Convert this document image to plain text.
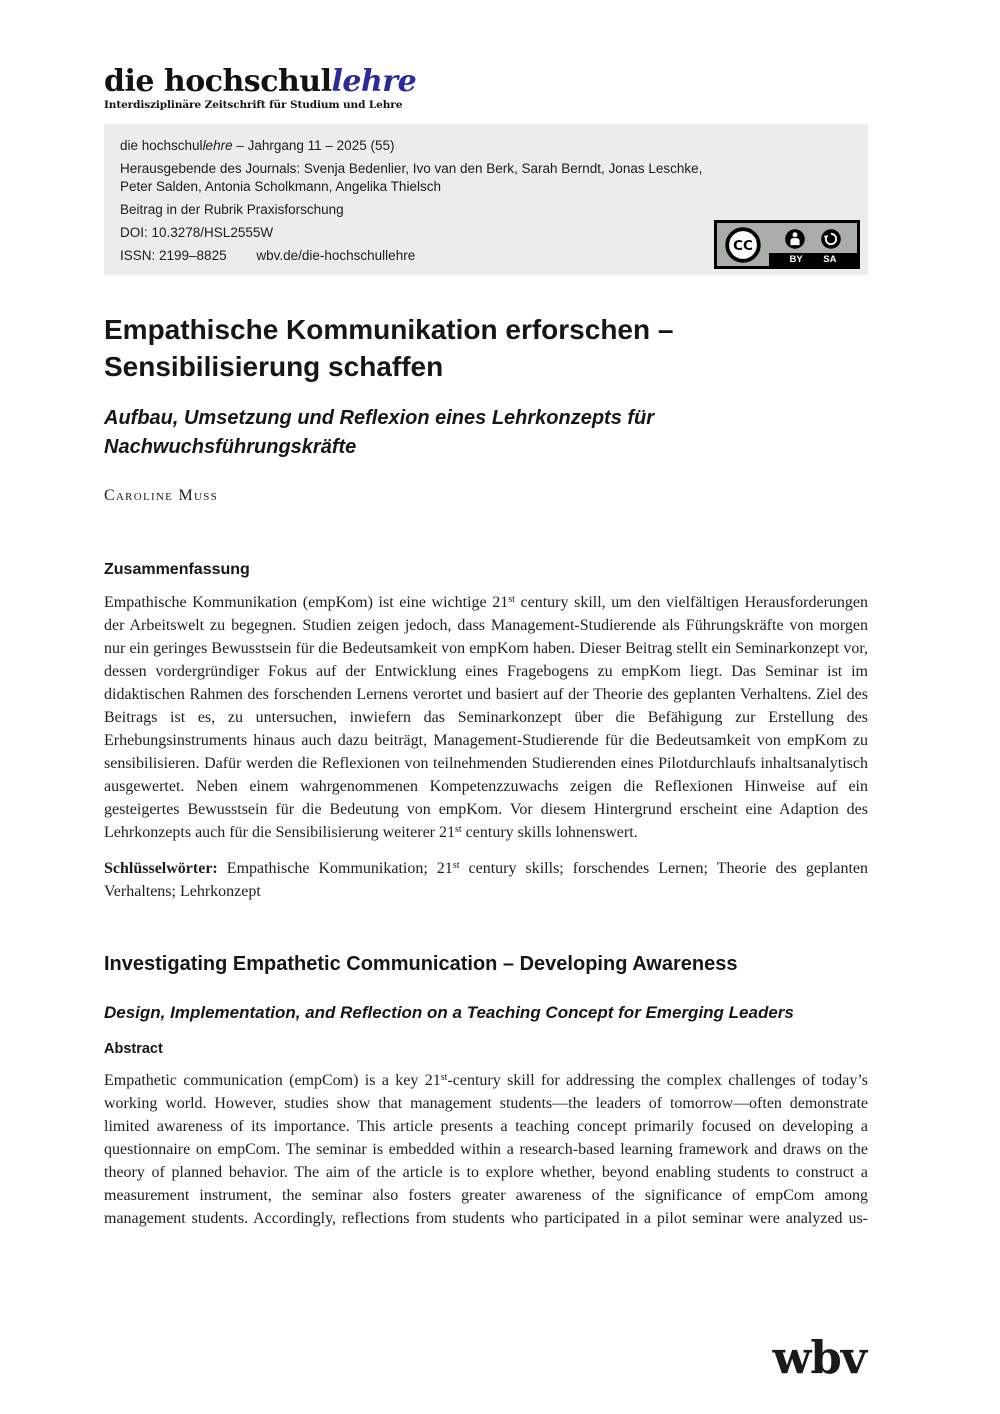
die hochschullehre
Interdisziplinäre Zeitschrift für Studium und Lehre

die hochschullehre – Jahrgang 11 – 2025 (55)

Herausgebende des Journals: Svenja Bedenlier, Ivo van den Berk, Sarah Berndt, Jonas Leschke,
Peter Salden, Antonia Scholkmann, Angelika Thielsch

Beitrag in der Rubrik Praxisforschung

DOI: 10.3278/HSL2555W

ISSN: 2199–8825 wbv.de/die-hochschullehre

CC
BY SA
Empathische Kommunikation erforschen –
Sensibilisierung schaffen
Aufbau, Umsetzung und Reflexion eines Lehrkonzepts für
Nachwuchsführungskräfte
Caroline Muss
Zusammenfassung

Empathische Kommunikation (empKom) ist eine wichtige 21st century skill, um den vielfältigen Herausforderungen der Arbeitswelt zu begegnen. Studien zeigen jedoch, dass Management-Studierende als Führungskräfte von morgen nur ein geringes Bewusstsein für die Bedeutsamkeit von empKom haben. Dieser Beitrag stellt ein Seminarkonzept vor, dessen vordergründiger Fokus auf der Entwicklung eines Fragebogens zu empKom liegt. Das Seminar ist im didaktischen Rahmen des forschenden Lernens verortet und basiert auf der Theorie des geplanten Verhaltens. Ziel des Beitrags ist es, zu untersuchen, inwiefern das Seminarkonzept über die Befähigung zur Erstellung des Erhebungsinstruments hinaus auch dazu beiträgt, Management-Studierende für die Bedeutsamkeit von empKom zu sensibilisieren. Dafür werden die Reflexionen von teilnehmenden Studierenden eines Pilotdurchlaufs inhaltsanalytisch ausgewertet. Neben einem wahrgenommenen Kompetenzzuwachs zeigen die Reflexionen Hinweise auf ein gesteigertes Bewusstsein für die Bedeutung von empKom. Vor diesem Hintergrund erscheint eine Adaption des Lehrkonzepts auch für die Sensibilisierung weiterer 21st century skills lohnenswert.

Schlüsselwörter: Empathische Kommunikation; 21st century skills; forschendes Lernen; Theorie des geplanten Verhaltens; Lehrkonzept

Investigating Empathetic Communication – Developing Awareness
Design, Implementation, and Reflection on a Teaching Concept for Emerging Leaders
Abstract

Empathetic communication (empCom) is a key 21st-century skill for addressing the complex challenges of today’s working world. However, studies show that management students—the leaders of tomorrow—often demonstrate limited awareness of its importance. This article presents a teaching concept primarily focused on developing a questionnaire on empCom. The seminar is embedded within a research-based learning framework and draws on the theory of planned behavior. The aim of the article is to explore whether, beyond enabling students to construct a measurement instrument, the seminar also fosters greater awareness of the significance of empCom among management students. Accordingly, reflections from students who participated in a pilot seminar were analyzed us-

wbv
